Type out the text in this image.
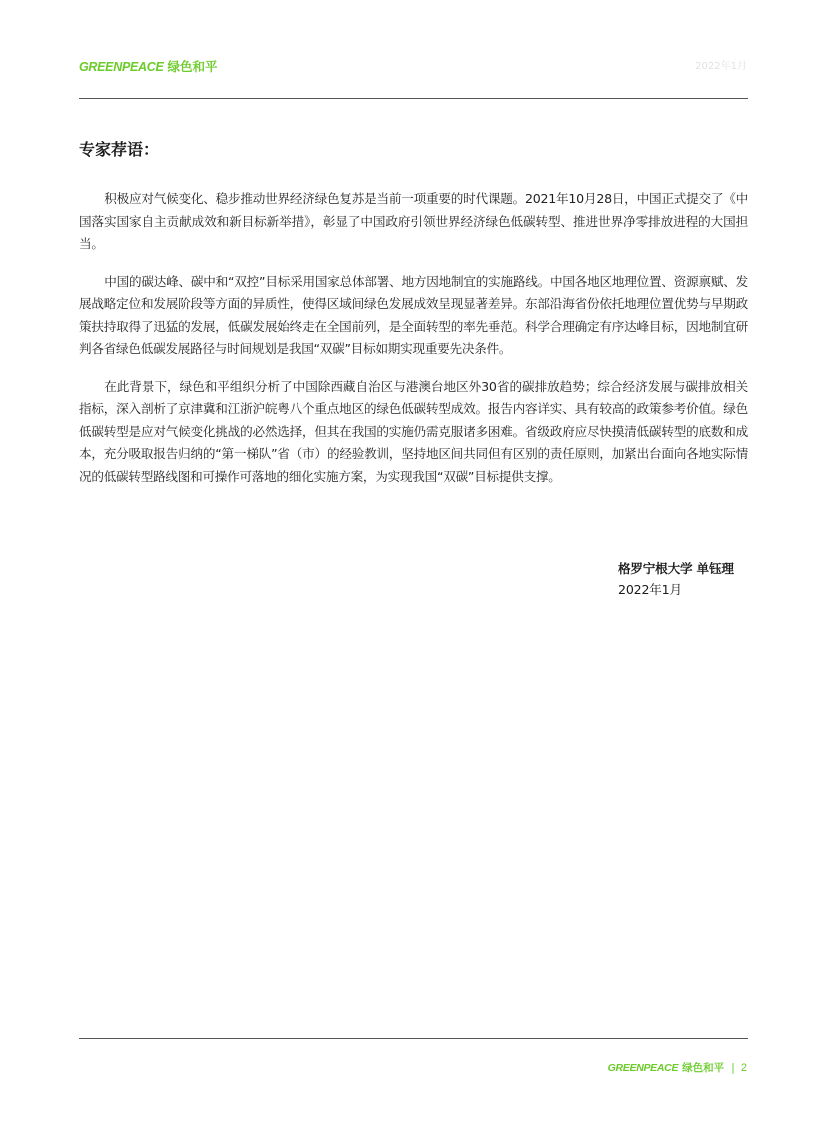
GREENPEACE 绿色和平	2022年1月
专家荐语：

积极应对气候变化、稳步推动世界经济绿色复苏是当前一项重要的时代课题。2021年10月28日，中国正式提交了《中国落实国家自主贡献成效和新目标新举措》，彰显了中国政府引领世界经济绿色低碳转型、推进世界净零排放进程的大国担当。

中国的碳达峰、碳中和“双控”目标采用国家总体部署、地方因地制宜的实施路线。中国各地区地理位置、资源禀赋、发展战略定位和发展阶段等方面的异质性，使得区域间绿色发展成效呈现显著差异。东部沿海省份依托地理位置优势与早期政策扶持取得了迅猛的发展，低碳发展始终走在全国前列，是全面转型的率先垂范。科学合理确定有序达峰目标，因地制宜研判各省绿色低碳发展路径与时间规划是我国“双碳”目标如期实现重要先决条件。

在此背景下，绿色和平组织分析了中国除西藏自治区与港澳台地区外30省的碳排放趋势；综合经济发展与碳排放相关指标，深入剖析了京津冀和江浙沪皖粤八个重点地区的绿色低碳转型成效。报告内容详实、具有较高的政策参考价值。绿色低碳转型是应对气候变化挑战的必然选择，但其在我国的实施仍需克服诸多困难。省级政府应尽快摸清低碳转型的底数和成本，充分吸取报告归纳的“第一梯队”省（市）的经验教训，坚持地区间共同但有区别的责任原则，加紧出台面向各地实际情况的低碳转型路线图和可操作可落地的细化实施方案，为实现我国“双碳”目标提供支撑。

格罗宁根大学 单钰理
2022年1月
GREENPEACE 绿色和平 | 2
